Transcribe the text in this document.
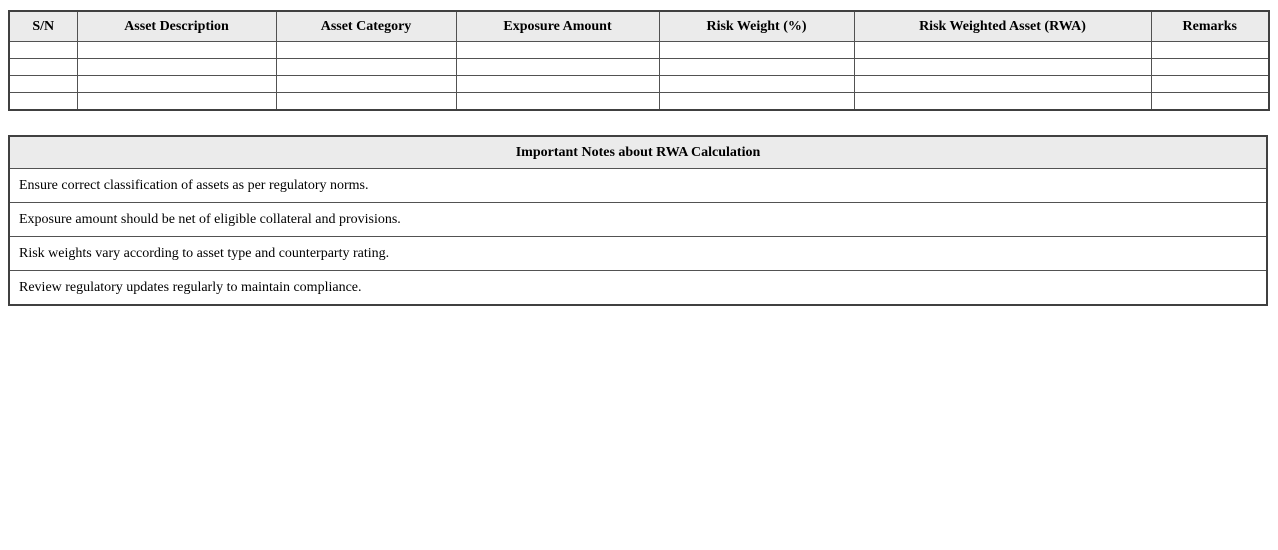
S/N	Asset Description	Asset Category	Exposure Amount	Risk Weight (%)	Risk Weighted Asset (RWA)	Remarks

Important Notes about RWA Calculation
Ensure correct classification of assets as per regulatory norms.
Exposure amount should be net of eligible collateral and provisions.
Risk weights vary according to asset type and counterparty rating.
Review regulatory updates regularly to maintain compliance.
